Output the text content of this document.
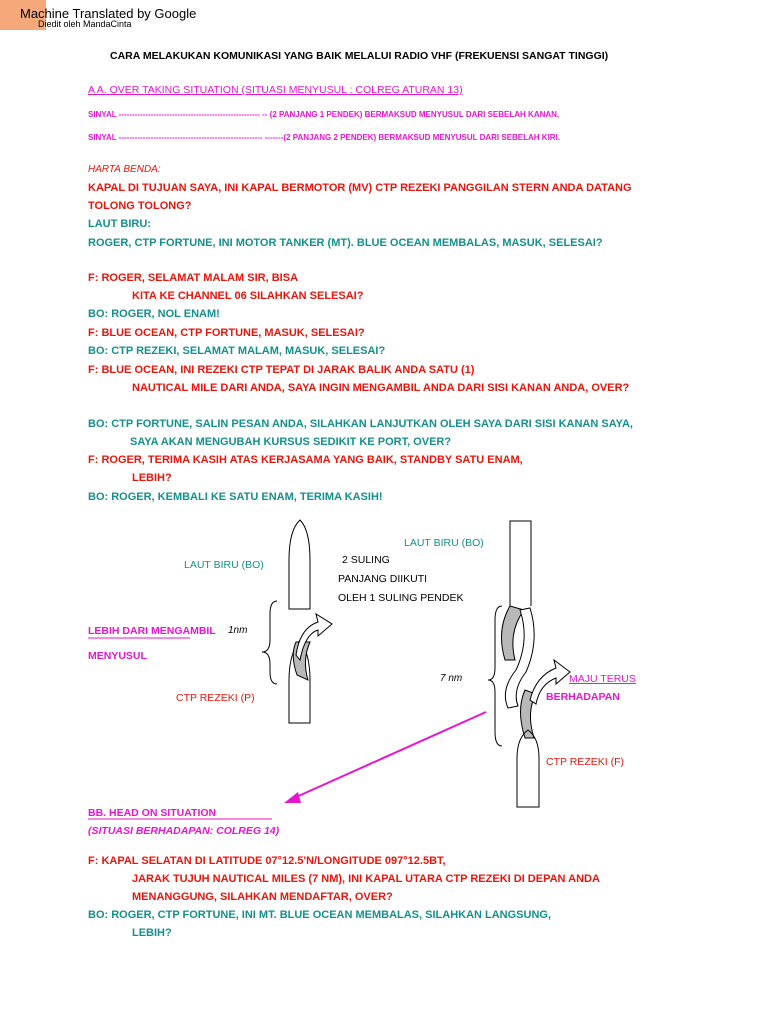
Machine Translated by Google
Diedit oleh MandaCinta
CARA MELAKUKAN KOMUNIKASI YANG BAIK MELALUI RADIO VHF (FREKUENSI SANGAT TINGGI)
A A. OVER TAKING SITUATION (SITUASI MENYUSUL : COLREG ATURAN 13)
SINYAL ----------------------------------------------------- -- (2 PANJANG 1 PENDEK) BERMAKSUD MENYUSUL DARI SEBELAH KANAN,
SINYAL ------------------------------------------------------ -------(2 PANJANG 2 PENDEK) BERMAKSUD MENYUSUL DARI SEBELAH KIRI.
HARTA BENDA:
KAPAL DI TUJUAN SAYA, INI KAPAL BERMOTOR (MV) CTP REZEKI PANGGILAN STERN ANDA DATANG
TOLONG TOLONG?
LAUT BIRU:
ROGER, CTP FORTUNE, INI MOTOR TANKER (MT). BLUE OCEAN MEMBALAS, MASUK, SELESAI?
F: ROGER, SELAMAT MALAM SIR, BISA
KITA KE CHANNEL 06 SILAHKAN SELESAI?
BO: ROGER, NOL ENAM!
F: BLUE OCEAN, CTP FORTUNE, MASUK, SELESAI?
BO: CTP REZEKI, SELAMAT MALAM, MASUK, SELESAI?
F: BLUE OCEAN, INI REZEKI CTP TEPAT DI JARAK BALIK ANDA SATU (1)
NAUTICAL MILE DARI ANDA, SAYA INGIN MENGAMBIL ANDA DARI SISI KANAN ANDA, OVER?
BO: CTP FORTUNE, SALIN PESAN ANDA, SILAHKAN LANJUTKAN OLEH SAYA DARI SISI KANAN SAYA,
SAYA AKAN MENGUBAH KURSUS SEDIKIT KE PORT, OVER?
F: ROGER, TERIMA KASIH ATAS KERJASAMA YANG BAIK, STANDBY SATU ENAM,
LEBIH?
BO: ROGER, KEMBALI KE SATU ENAM, TERIMA KASIH!
LAUT BIRU (BO)	2 SULING
PANJANG DIIKUTI
OLEH 1 SULING PENDEK
LAUT BIRU (BO)
LEBIH DARI MENGAMBIL 1nm
MENYUSUL
CTP REZEKI (P)
7 nm	MAJU TERUS
BERHADAPAN
CTP REZEKI (F)
BB. HEAD ON SITUATION
(SITUASI BERHADAPAN: COLREG 14)
F: KAPAL SELATAN DI LATITUDE 07°12.5'N/LONGITUDE 097°12.5BT,
JARAK TUJUH NAUTICAL MILES (7 NM), INI KAPAL UTARA CTP REZEKI DI DEPAN ANDA
MENANGGUNG, SILAHKAN MENDAFTAR, OVER?
BO: ROGER, CTP FORTUNE, INI MT. BLUE OCEAN MEMBALAS, SILAHKAN LANGSUNG,
LEBIH?
